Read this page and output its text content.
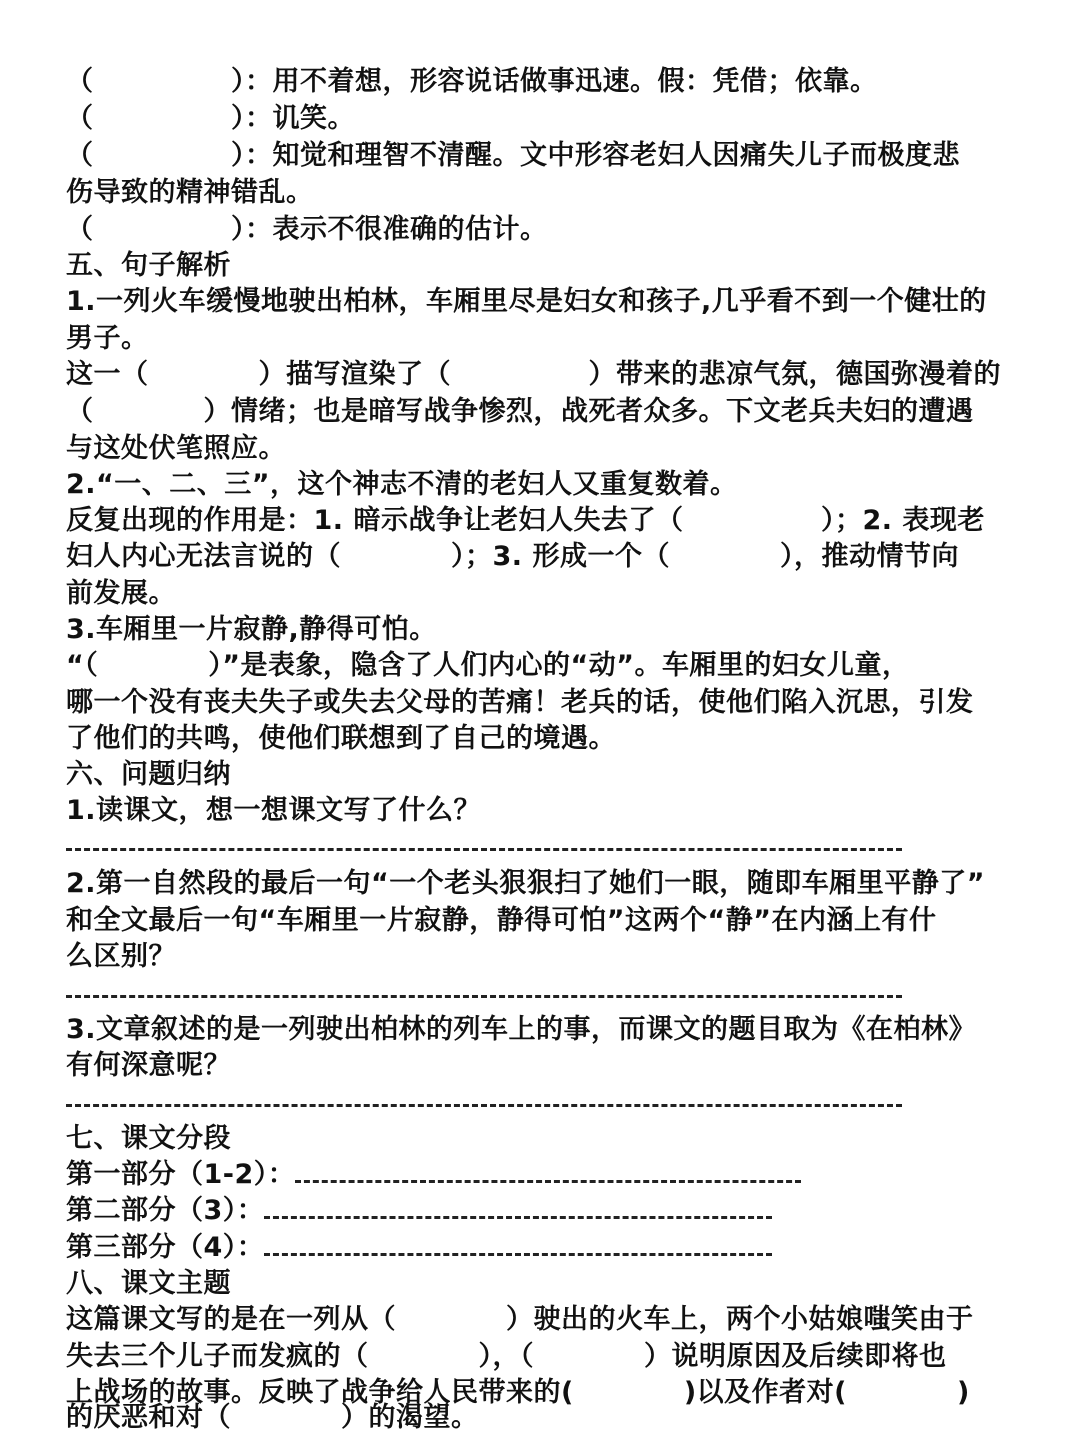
（　　　　　）：用不着想，形容说话做事迅速。假：凭借；依靠。
（　　　　　）：讥笑。
（　　　　　）：知觉和理智不清醒。文中形容老妇人因痛失儿子而极度悲
伤导致的精神错乱。
（　　　　　）：表示不很准确的估计。
五、句子解析
1.一列火车缓慢地驶出柏林，车厢里尽是妇女和孩子,几乎看不到一个健壮的
男子。
这一（　　　　）描写渲染了（　　　　　）带来的悲凉气氛，德国弥漫着的
（　　　　）情绪；也是暗写战争惨烈，战死者众多。下文老兵夫妇的遭遇
与这处伏笔照应。
2.“一、二、三”，这个神志不清的老妇人又重复数着。
反复出现的作用是：1. 暗示战争让老妇人失去了（　　　　　）；2. 表现老
妇人内心无法言说的（　　　　）；3. 形成一个（　　　　），推动情节向
前发展。
3.车厢里一片寂静,静得可怕。
“（　　　　）”是表象，隐含了人们内心的“动”。车厢里的妇女儿童，
哪一个没有丧夫失子或失去父母的苦痛！老兵的话，使他们陷入沉思，引发
了他们的共鸣，使他们联想到了自己的境遇。
六、问题归纳
1.读课文，想一想课文写了什么？
2.第一自然段的最后一句“一个老头狠狠扫了她们一眼，随即车厢里平静了”
和全文最后一句“车厢里一片寂静，静得可怕”这两个“静”在内涵上有什
么区别？
3.文章叙述的是一列驶出柏林的列车上的事，而课文的题目取为《在柏林》
有何深意呢？
七、课文分段
第一部分（1-2）：
第二部分（3）：
第三部分（4）：
八、课文主题
这篇课文写的是在一列从（　　　　）驶出的火车上，两个小姑娘嗤笑由于
失去三个儿子而发疯的（　　　　），（　　　　）说明原因及后续即将也
上战场的故事。反映了战争给人民带来的(　　　　)以及作者对(　　　　)
的厌恶和对（　　　　）的渴望。
